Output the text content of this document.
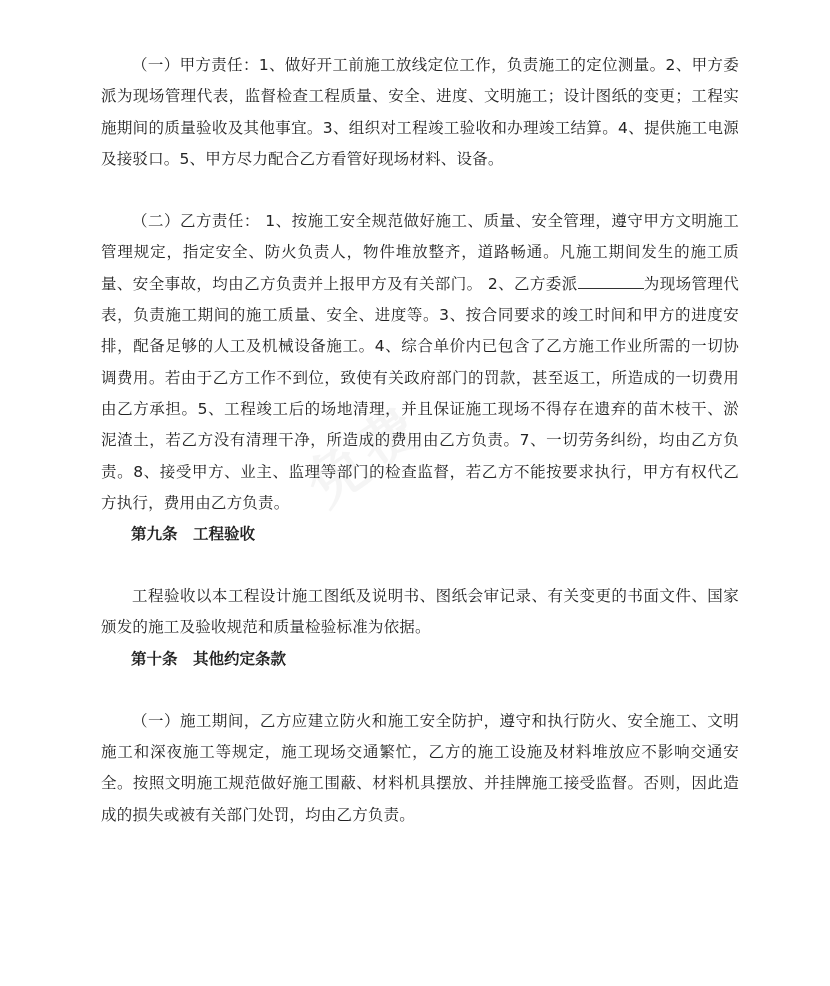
（一）甲方责任：1、做好开工前施工放线定位工作，负责施工的定位测量。2、甲方委派为现场管理代表，监督检查工程质量、安全、进度、文明施工；设计图纸的变更；工程实施期间的质量验收及其他事宜。3、组织对工程竣工验收和办理竣工结算。4、提供施工电源及接驳口。5、甲方尽力配合乙方看管好现场材料、设备。

（二）乙方责任： 1、按施工安全规范做好施工、质量、安全管理，遵守甲方文明施工管理规定，指定安全、防火负责人，物件堆放整齐，道路畅通。凡施工期间发生的施工质量、安全事故，均由乙方负责并上报甲方及有关部门。 2、乙方委派	为现场管理代表，负责施工期间的施工质量、安全、进度等。3、按合同要求的竣工时间和甲方的进度安排，配备足够的人工及机械设备施工。4、综合单价内已包含了乙方施工作业所需的一切协调费用。若由于乙方工作不到位，致使有关政府部门的罚款，甚至返工，所造成的一切费用由乙方承担。5、工程竣工后的场地清理，并且保证施工现场不得存在遗弃的苗木枝干、淤泥渣土，若乙方没有清理干净，所造成的费用由乙方负责。7、一切劳务纠纷，均由乙方负责。8、接受甲方、业主、监理等部门的检查监督，若乙方不能按要求执行，甲方有权代乙方执行，费用由乙方负责。

第九条　工程验收

工程验收以本工程设计施工图纸及说明书、图纸会审记录、有关变更的书面文件、国家颁发的施工及验收规范和质量检验标准为依据。

第十条　其他约定条款

（一）施工期间，乙方应建立防火和施工安全防护，遵守和执行防火、安全施工、文明施工和深夜施工等规定，施工现场交通繁忙，乙方的施工设施及材料堆放应不影响交通安全。按照文明施工规范做好施工围蔽、材料机具摆放、并挂牌施工接受监督。否则，因此造成的损失或被有关部门处罚，均由乙方负责。
